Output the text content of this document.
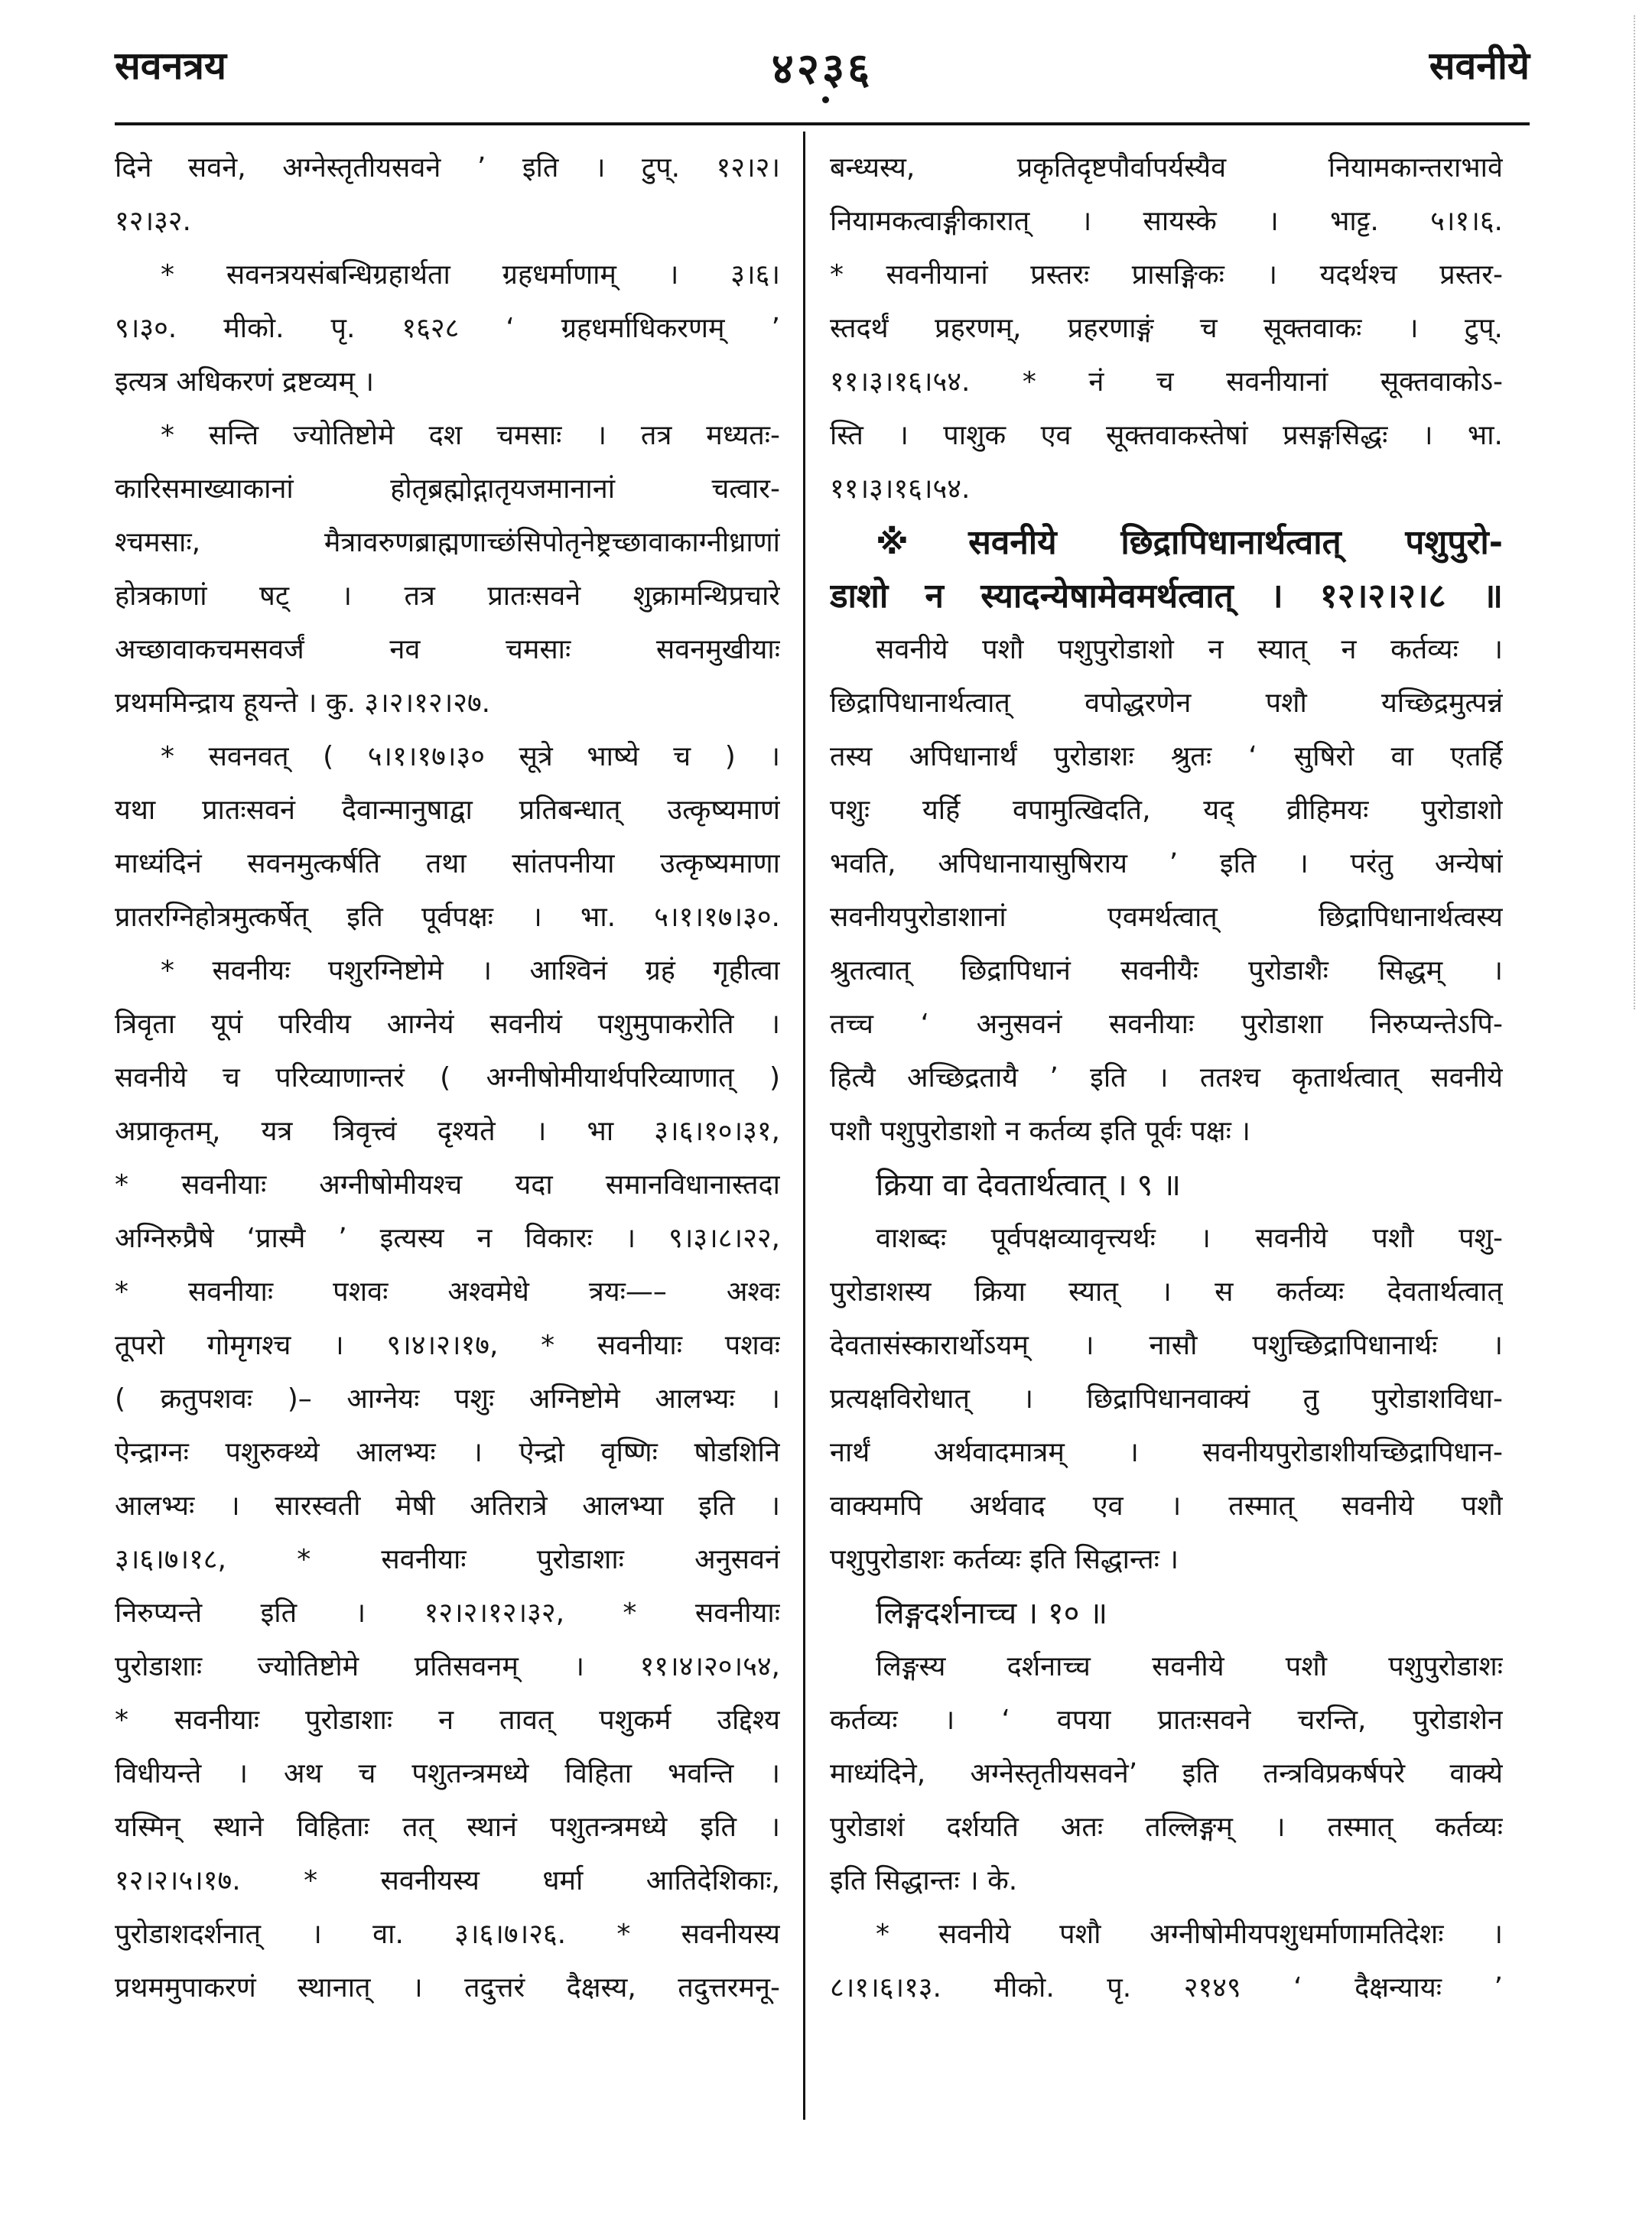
सवनत्रय	४२३६	सवनीये
दिने सवने, अग्नेस्तृतीयसवने ’ इति । टुप्. १२।२।
१२।३२.
* सवनत्रयसंबन्धिग्रहार्थता ग्रहधर्माणाम् । ३।६।
९।३०. मीको. पृ. १६२८ ‘ ग्रहधर्माधिकरणम् ’
इत्यत्र अधिकरणं द्रष्टव्यम् ।
* सन्ति ज्योतिष्टोमे दश चमसाः । तत्र मध्यतः-
कारिसमाख्याकानां होतृब्रह्मोद्गातृयजमानानां चत्वार-
श्चमसाः, मैत्रावरुणब्राह्मणाच्छंसिपोतृनेष्ट्रच्छावाकाग्नीध्राणां
होत्रकाणां षट् । तत्र प्रातःसवने शुक्रामन्थिप्रचारे
अच्छावाकचमसवर्जं नव चमसाः सवनमुखीयाः
प्रथममिन्द्राय हूयन्ते । कु. ३।२।१२।२७.
* सवनवत् ( ५।१।१७।३० सूत्रे भाष्ये च ) ।
यथा प्रातःसवनं दैवान्मानुषाद्वा प्रतिबन्धात् उत्कृष्यमाणं
माध्यंदिनं सवनमुत्कर्षति तथा सांतपनीया उत्कृष्यमाणा
प्रातरग्निहोत्रमुत्कर्षेत् इति पूर्वपक्षः । भा. ५।१।१७।३०.
* सवनीयः पशुरग्निष्टोमे । आश्विनं ग्रहं गृहीत्वा
त्रिवृता यूपं परिवीय आग्नेयं सवनीयं पशुमुपाकरोति ।
सवनीये च परिव्याणान्तरं ( अग्नीषोमीयार्थपरिव्याणात् )
अप्राकृतम्, यत्र त्रिवृत्त्वं दृश्यते । भा ३।६।१०।३१,
* सवनीयाः अग्नीषोमीयश्च यदा समानविधानास्तदा
अग्निरुप्रैषे ‘प्रास्मै ’ इत्यस्य न विकारः । ९।३।८।२२,
* सवनीयाः पशवः अश्वमेधे त्रयः—– अश्वः
तूपरो गोमृगश्च । ९।४।२।१७, * सवनीयाः पशवः
( क्रतुपशवः )– आग्नेयः पशुः अग्निष्टोमे आलभ्यः ।
ऐन्द्राग्नः पशुरुक्थ्ये आलभ्यः । ऐन्द्रो वृष्णिः षोडशिनि
आलभ्यः । सारस्वती मेषी अतिरात्रे आलभ्या इति ।
३।६।७।१८, * सवनीयाः पुरोडाशाः अनुसवनं
निरुप्यन्ते इति । १२।२।१२।३२, * सवनीयाः
पुरोडाशाः ज्योतिष्टोमे प्रतिसवनम् । ११।४।२०।५४,
* सवनीयाः पुरोडाशाः न तावत् पशुकर्म उद्दिश्य
विधीयन्ते । अथ च पशुतन्त्रमध्ये विहिता भवन्ति ।
यस्मिन् स्थाने विहिताः तत् स्थानं पशुतन्त्रमध्ये इति ।
१२।२।५।१७. * सवनीयस्य धर्मा आतिदेशिकाः,
पुरोडाशदर्शनात् । वा. ३।६।७।२६. * सवनीयस्य
प्रथममुपाकरणं स्थानात् । तदुत्तरं दैक्षस्य, तदुत्तरमनू-
बन्ध्यस्य, प्रकृतिदृष्टपौर्वापर्यस्यैव नियामकान्तराभावे
नियामकत्वाङ्गीकारात् । सायस्के । भाट्ट. ५।१।६.
* सवनीयानां प्रस्तरः प्रासङ्गिकः । यदर्थश्च प्रस्तर-
स्तदर्थं प्रहरणम्, प्रहरणाङ्गं च सूक्तवाकः । टुप्.
११।३।१६।५४. * नं च सवनीयानां सूक्तवाकोऽ-
स्ति । पाशुक एव सूक्तवाकस्तेषां प्रसङ्गसिद्धः । भा.
११।३।१६।५४.
※ सवनीये छिद्रापिधानार्थत्वात् पशुपुरो-
डाशो न स्यादन्येषामेवमर्थत्वात् । १२।२।२।८ ॥
सवनीये पशौ पशुपुरोडाशो न स्यात् न कर्तव्यः ।
छिद्रापिधानार्थत्वात् वपोद्धरणेन पशौ यच्छिद्रमुत्पन्नं
तस्य अपिधानार्थं पुरोडाशः श्रुतः ‘ सुषिरो वा एतर्हि
पशुः यर्हि वपामुत्खिदति, यद् व्रीहिमयः पुरोडाशो
भवति, अपिधानायासुषिराय ’ इति । परंतु अन्येषां
सवनीयपुरोडाशानां एवमर्थत्वात् छिद्रापिधानार्थत्वस्य
श्रुतत्वात् छिद्रापिधानं सवनीयैः पुरोडाशैः सिद्धम् ।
तच्च ‘ अनुसवनं सवनीयाः पुरोडाशा निरुप्यन्तेऽपि-
हित्यै अच्छिद्रतायै ’ इति । ततश्च कृतार्थत्वात् सवनीये
पशौ पशुपुरोडाशो न कर्तव्य इति पूर्वः पक्षः ।
क्रिया वा देवतार्थत्वात् । ९ ॥
वाशब्दः पूर्वपक्षव्यावृत्त्यर्थः । सवनीये पशौ पशु-
पुरोडाशस्य क्रिया स्यात् । स कर्तव्यः देवतार्थत्वात्
देवतासंस्कारार्थोऽयम् । नासौ पशुच्छिद्रापिधानार्थः ।
प्रत्यक्षविरोधात् । छिद्रापिधानवाक्यं तु पुरोडाशविधा-
नार्थं अर्थवादमात्रम् । सवनीयपुरोडाशीयच्छिद्रापिधान-
वाक्यमपि अर्थवाद एव । तस्मात् सवनीये पशौ
पशुपुरोडाशः कर्तव्यः इति सिद्धान्तः ।
लिङ्गदर्शनाच्च । १० ॥
लिङ्गस्य दर्शनाच्च सवनीये पशौ पशुपुरोडाशः
कर्तव्यः । ‘ वपया प्रातःसवने चरन्ति, पुरोडाशेन
माध्यंदिने, अग्नेस्तृतीयसवने’ इति तन्त्रविप्रकर्षपरे वाक्ये
पुरोडाशं दर्शयति अतः तल्लिङ्गम् । तस्मात् कर्तव्यः
इति सिद्धान्तः । के.
* सवनीये पशौ अग्नीषोमीयपशुधर्माणामतिदेशः ।
८।१।६।१३. मीको. पृ. २१४९ ‘ दैक्षन्यायः ’
